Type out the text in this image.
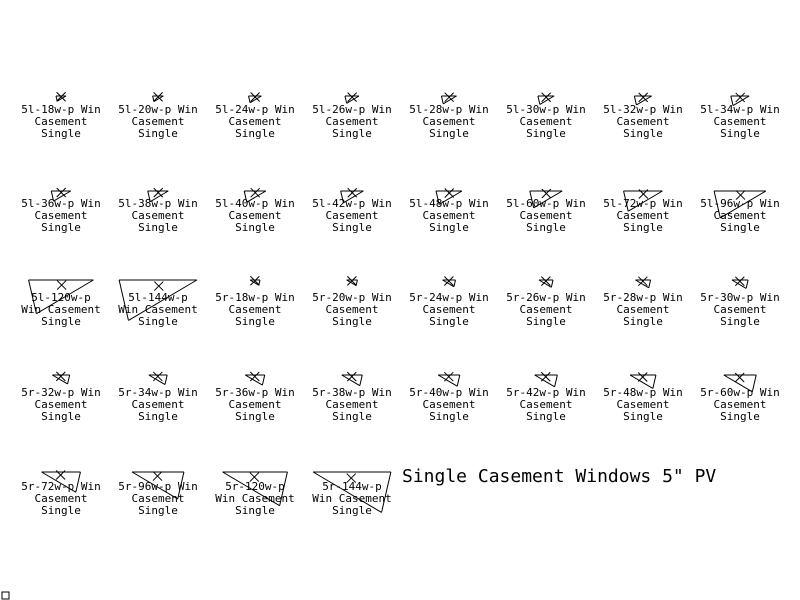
5l-18w-p Win
Casement
Single
5l-20w-p Win
Casement
Single
5l-24w-p Win
Casement
Single
5l-26w-p Win
Casement
Single
5l-28w-p Win
Casement
Single
5l-30w-p Win
Casement
Single
5l-32w-p Win
Casement
Single
5l-34w-p Win
Casement
Single
5l-36w-p Win
Casement
Single
5l-38w-p Win
Casement
Single
5l-40w-p Win
Casement
Single
5l-42w-p Win
Casement
Single
5l-48w-p Win
Casement
Single
5l-60w-p Win
Casement
Single
5l-72w-p Win
Casement
Single
5l-96w-p Win
Casement
Single
5l-120w-p
Win Casement
Single
5l-144w-p
Win Casement
Single
5r-18w-p Win
Casement
Single
5r-20w-p Win
Casement
Single
5r-24w-p Win
Casement
Single
5r-26w-p Win
Casement
Single
5r-28w-p Win
Casement
Single
5r-30w-p Win
Casement
Single
5r-32w-p Win
Casement
Single
5r-34w-p Win
Casement
Single
5r-36w-p Win
Casement
Single
5r-38w-p Win
Casement
Single
5r-40w-p Win
Casement
Single
5r-42w-p Win
Casement
Single
5r-48w-p Win
Casement
Single
5r-60w-p Win
Casement
Single
5r-72w-p Win
Casement
Single
5r-96w-p Win
Casement
Single
5r-120w-p
Win Casement
Single
5r-144w-p
Win Casement
Single
Single Casement Windows 5" PV
